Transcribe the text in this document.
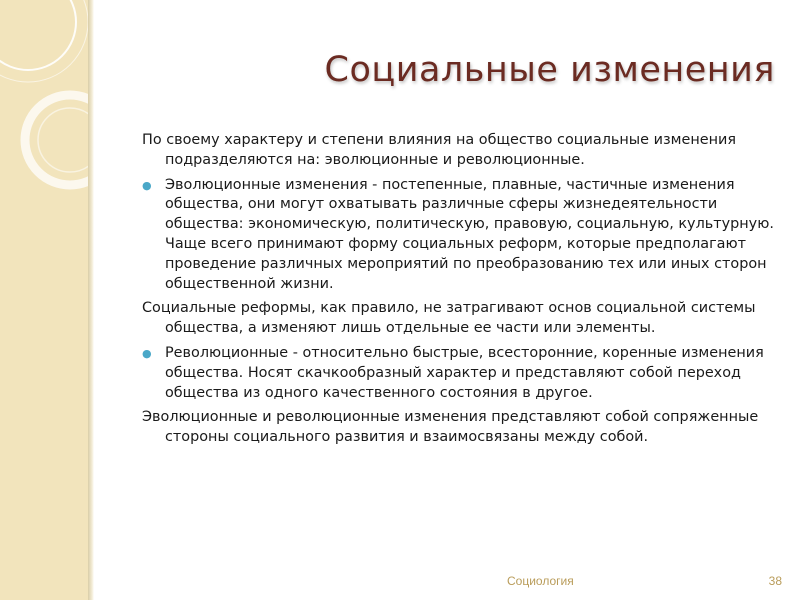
Социальные изменения

По своему характеру и степени влияния на общество социальные изменения подразделяются на: эволюционные и революционные.

● Эволюционные изменения - постепенные, плавные, частичные изменения общества, они могут охватывать различные сферы жизнедеятельности общества: экономическую, политическую, правовую, социальную, культурную. Чаще всего принимают форму социальных реформ, которые предполагают проведение различных мероприятий по преобразованию тех или иных сторон общественной жизни.

Социальные реформы, как правило, не затрагивают основ социальной системы общества, а изменяют лишь отдельные ее части или элементы.

● Революционные - относительно быстрые, всесторонние, коренные изменения общества. Носят скачкообразный характер и представляют собой переход общества из одного качественного состояния в другое.

Эволюционные и революционные изменения представляют собой сопряженные стороны социального развития и взаимосвязаны между собой.

Социология	38
